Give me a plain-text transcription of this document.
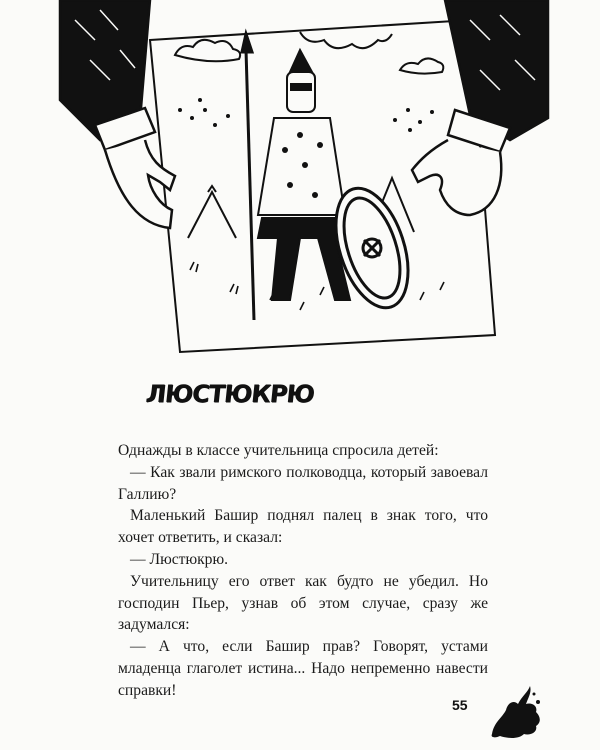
ЛЮСТЮКРЮ

Однажды в классе учительница спросила детей:

— Как звали римского полководца, который завоевал Галлию?

Маленький Башир поднял палец в знак того, что хочет ответить, и сказал:

— Люстюкрю.

Учительницу его ответ как будто не убедил. Но господин Пьер, узнав об этом случае, сразу же задумался:

— А что, если Башир прав? Говорят, устами младенца глаголет истина... Надо непременно навести справки!

55
